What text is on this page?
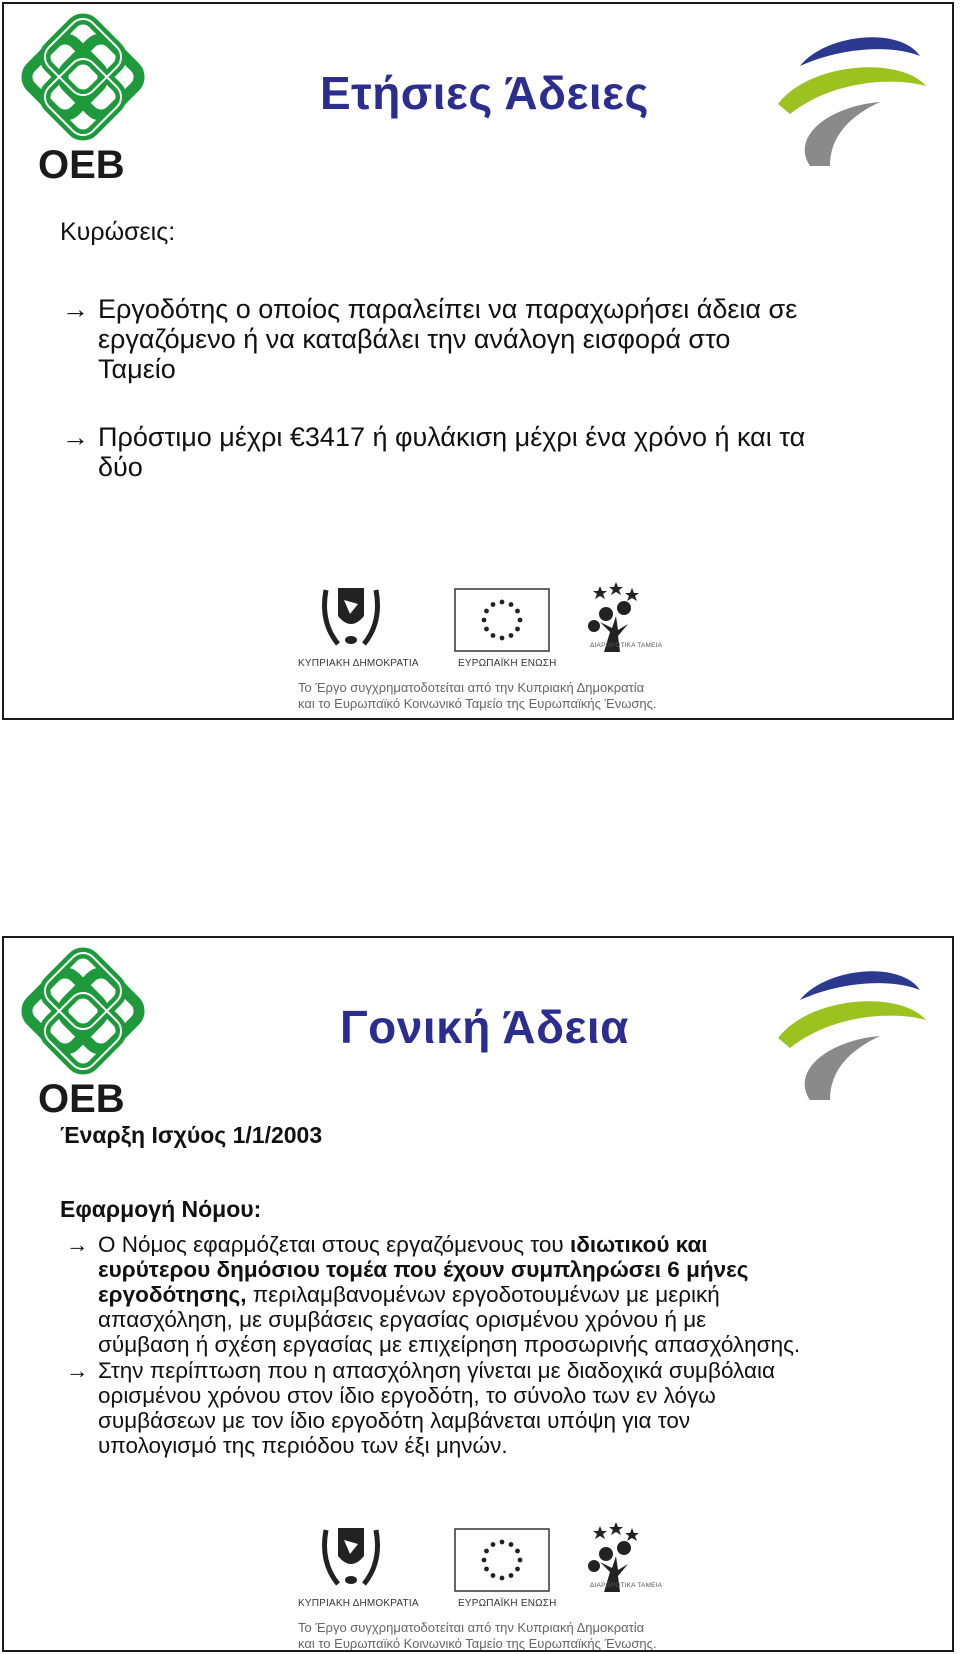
OEB
Ετήσιες Άδειες
Κυρώσεις:
→ Εργοδότης ο οποίος παραλείπει να παραχωρήσει άδεια σε
εργαζόμενο ή να καταβάλει την ανάλογη εισφορά στο
Ταμείο
→ Πρόστιμο μέχρι €3417 ή φυλάκιση μέχρι ένα χρόνο ή και τα
δύο
ΚΥΠΡΙΑΚΗ ΔΗΜΟΚΡΑΤΙΑ	ΕΥΡΩΠΑΪΚΗ ΕΝΩΣΗ
ΔΙΑΡΘΡΩΤΙΚΑ ΤΑΜΕΙΑ
Το Έργο συγχρηματοδοτείται από την Κυπριακή Δημοκρατία
και το Ευρωπαϊκό Κοινωνικό Ταμείο της Ευρωπαϊκής Ένωσης.
OEB
Γονική Άδεια
Έναρξη Ισχύος 1/1/2003
Εφαρμογή Νόμου:
→ Ο Νόμος εφαρμόζεται στους εργαζόμενους του ιδιωτικού και
ευρύτερου δημόσιου τομέα που έχουν συμπληρώσει 6 μήνες
εργοδότησης, περιλαμβανομένων εργοδοτουμένων με μερική
απασχόληση, με συμβάσεις εργασίας ορισμένου χρόνου ή με
σύμβαση ή σχέση εργασίας με επιχείρηση προσωρινής απασχόλησης.
→ Στην περίπτωση που η απασχόληση γίνεται με διαδοχικά συμβόλαια
ορισμένου χρόνου στον ίδιο εργοδότη, το σύνολο των εν λόγω
συμβάσεων με τον ίδιο εργοδότη λαμβάνεται υπόψη για τον
υπολογισμό της περιόδου των έξι μηνών.
ΚΥΠΡΙΑΚΗ ΔΗΜΟΚΡΑΤΙΑ	ΕΥΡΩΠΑΪΚΗ ΕΝΩΣΗ
ΔΙΑΡΘΡΩΤΙΚΑ ΤΑΜΕΙΑ
Το Έργο συγχρηματοδοτείται από την Κυπριακή Δημοκρατία
και το Ευρωπαϊκό Κοινωνικό Ταμείο της Ευρωπαϊκής Ένωσης.
